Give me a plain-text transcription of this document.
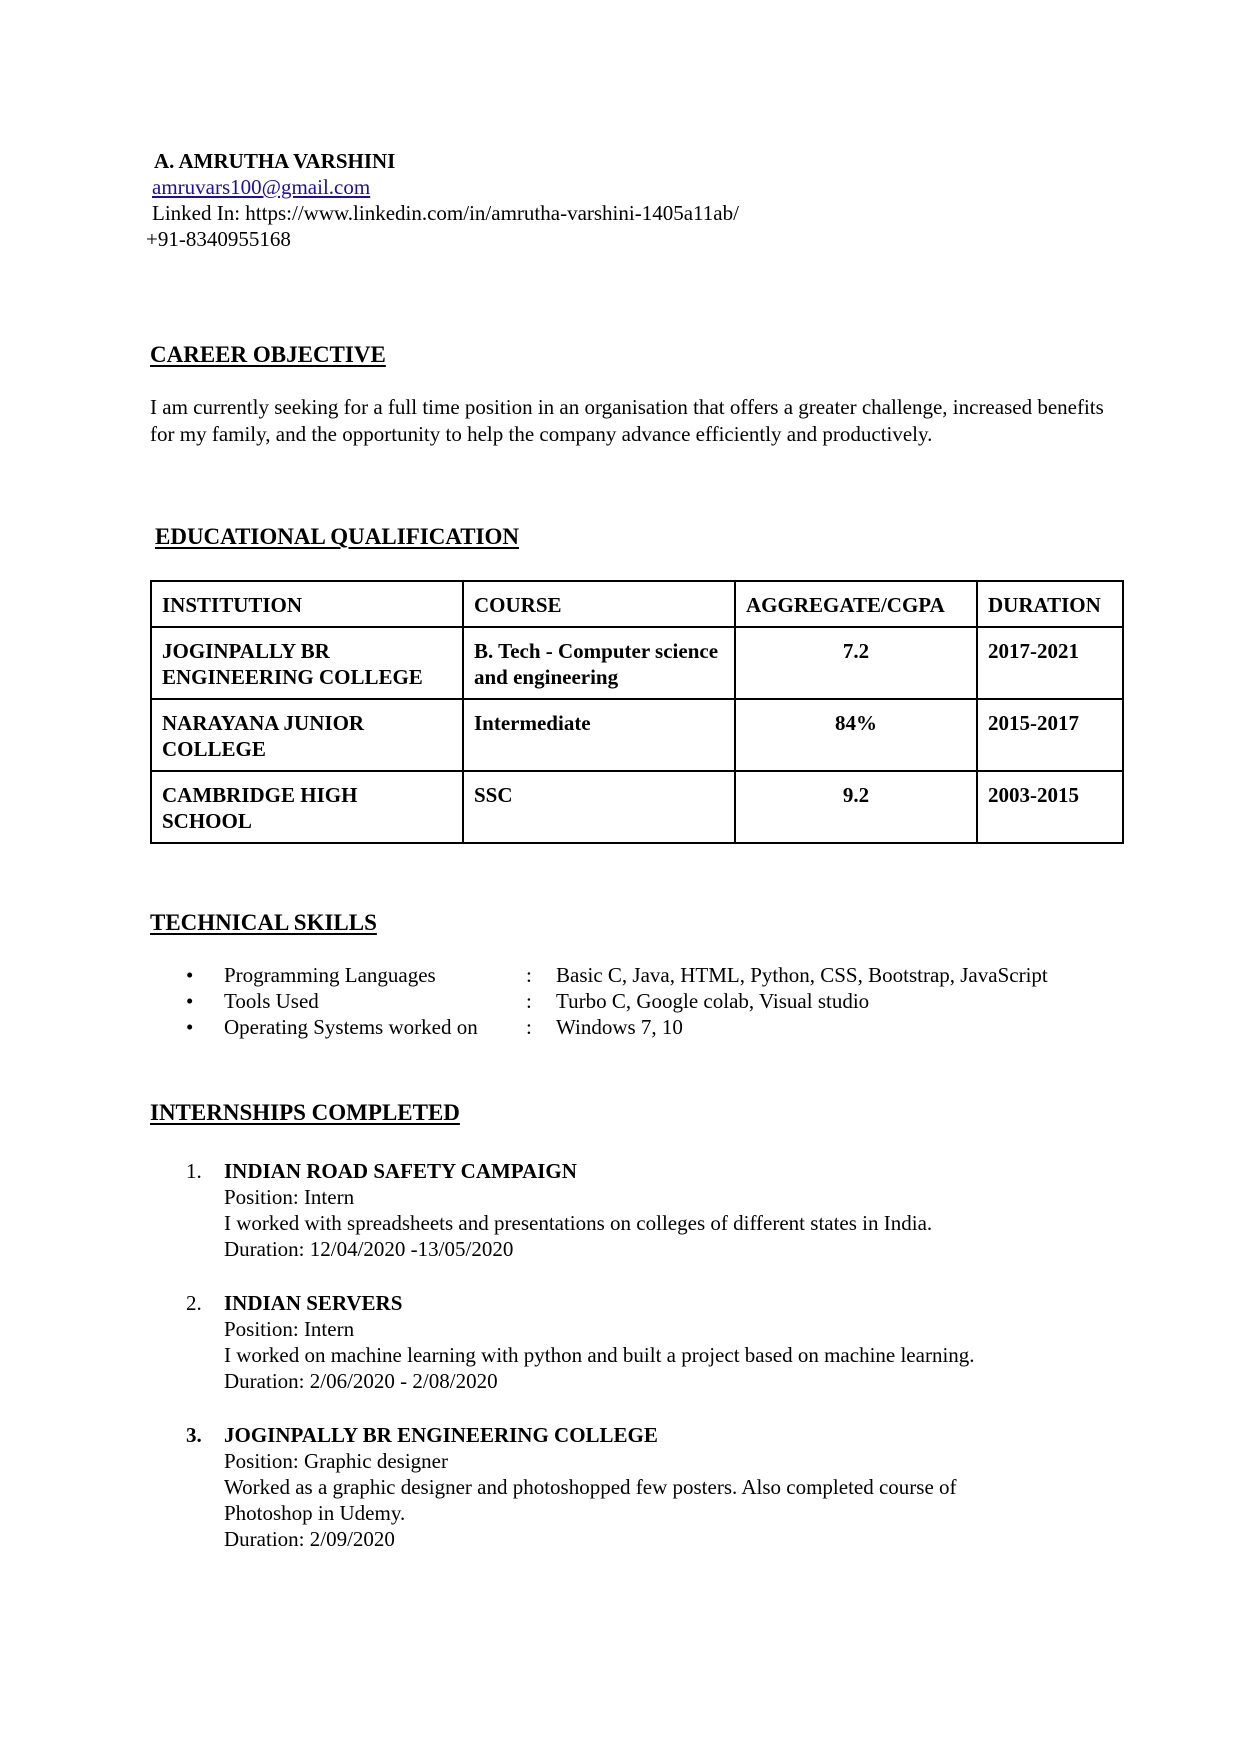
A. AMRUTHA VARSHINI
amruvars100@gmail.com
Linked In: https://www.linkedin.com/in/amrutha-varshini-1405a11ab/
+91-8340955168
CAREER OBJECTIVE
I am currently seeking for a full time position in an organisation that offers a greater challenge, increased benefits for my family, and the opportunity to help the company advance efficiently and productively.
EDUCATIONAL QUALIFICATION
INSTITUTION	COURSE	AGGREGATE/CGPA	DURATION
JOGINPALLY BR ENGINEERING COLLEGE	B. Tech - Computer science and engineering	7.2	2017-2021
NARAYANA JUNIOR COLLEGE	Intermediate	84%	2015-2017
CAMBRIDGE HIGH SCHOOL	SSC	9.2	2003-2015
TECHNICAL SKILLS
•	Programming Languages	:	Basic C, Java, HTML, Python, CSS, Bootstrap, JavaScript
•	Tools Used	:	Turbo C, Google colab, Visual studio
•	Operating Systems worked on	:	Windows 7, 10
INTERNSHIPS COMPLETED
1.	INDIAN ROAD SAFETY CAMPAIGN
Position: Intern
I worked with spreadsheets and presentations on colleges of different states in India.
Duration: 12/04/2020 -13/05/2020
2.	INDIAN SERVERS
Position: Intern
I worked on machine learning with python and built a project based on machine learning.
Duration: 2/06/2020 - 2/08/2020
3.	JOGINPALLY BR ENGINEERING COLLEGE
Position: Graphic designer
Worked as a graphic designer and photoshopped few posters. Also completed course of Photoshop in Udemy.
Duration: 2/09/2020
